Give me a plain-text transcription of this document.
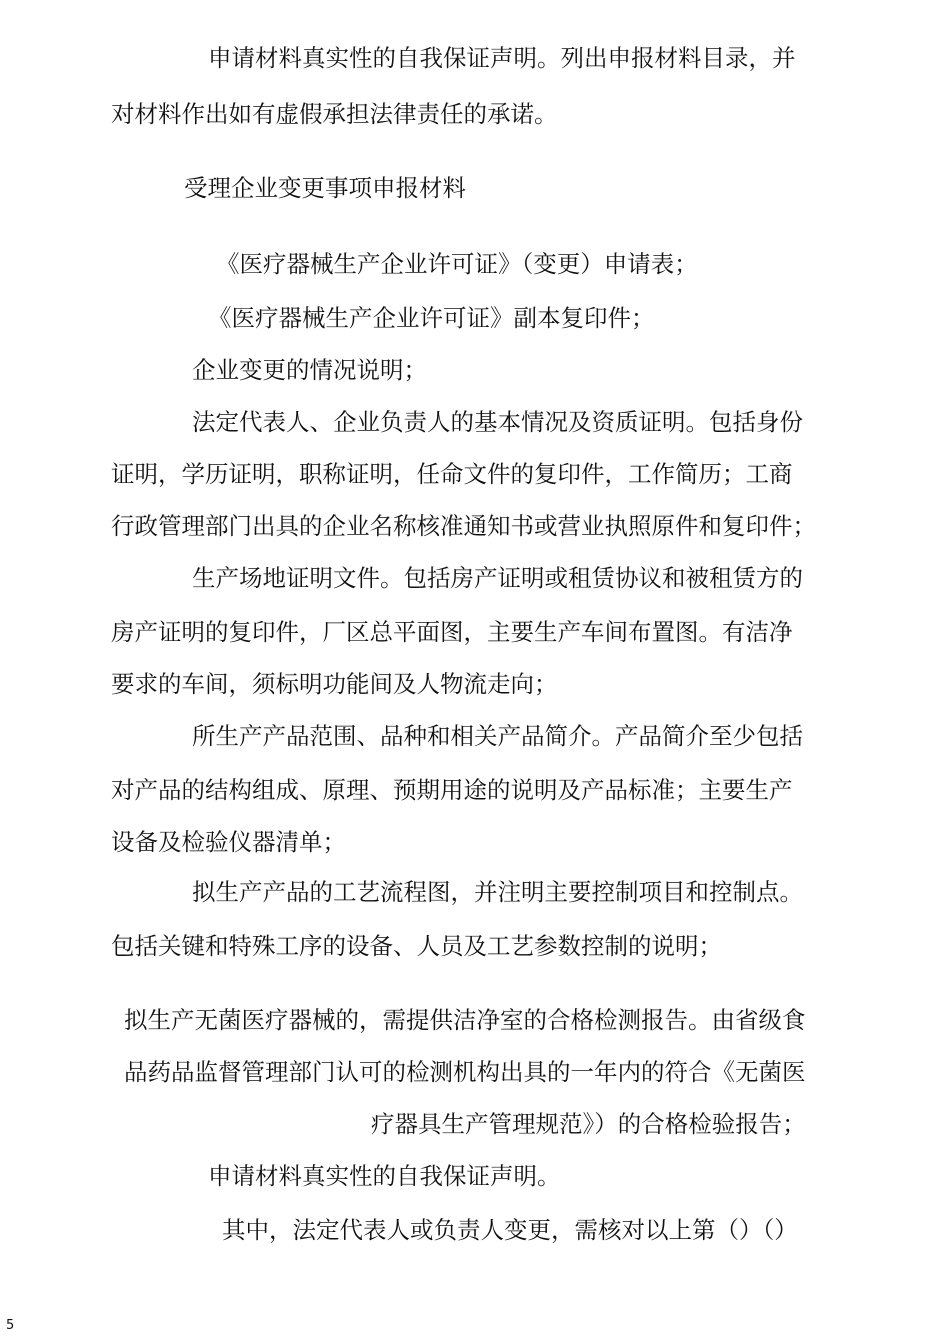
申请材料真实性的自我保证声明。列出申报材料目录，并
对材料作出如有虚假承担法律责任的承诺。
受理企业变更事项申报材料
《医疗器械生产企业许可证》（变更）申请表；
《医疗器械生产企业许可证》副本复印件；
企业变更的情况说明；
法定代表人、企业负责人的基本情况及资质证明。包括身份
证明，学历证明，职称证明，任命文件的复印件，工作简历；工商
行政管理部门出具的企业名称核准通知书或营业执照原件和复印件；
生产场地证明文件。包括房产证明或租赁协议和被租赁方的
房产证明的复印件，厂区总平面图，主要生产车间布置图。有洁净
要求的车间，须标明功能间及人物流走向；
所生产产品范围、品种和相关产品简介。产品简介至少包括
对产品的结构组成、原理、预期用途的说明及产品标准；主要生产
设备及检验仪器清单；
拟生产产品的工艺流程图，并注明主要控制项目和控制点。
包括关键和特殊工序的设备、人员及工艺参数控制的说明；
拟生产无菌医疗器械的，需提供洁净室的合格检测报告。由省级食
品药品监督管理部门认可的检测机构出具的一年内的符合《无菌医
疗器具生产管理规范》）的合格检验报告；
申请材料真实性的自我保证声明。
其中，法定代表人或负责人变更，需核对以上第（）（）
5
